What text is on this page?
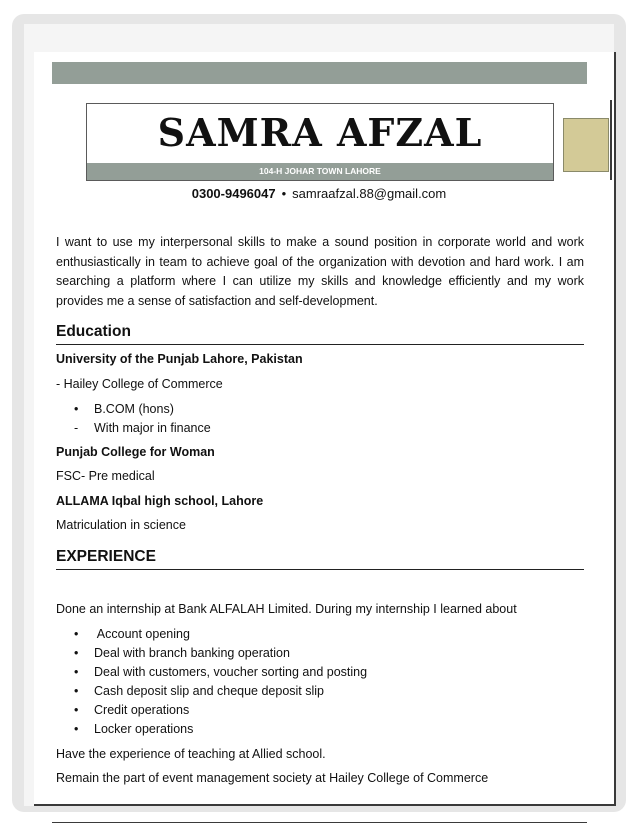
SAMRA AFZAL
104-H JOHAR TOWN LAHORE
0300-9496047 • samraafzal.88@gmail.com
I want to use my interpersonal skills to make a sound position in corporate world and work enthusiastically in team to achieve goal of the organization with devotion and hard work. I am searching a platform where I can utilize my skills and knowledge efficiently and my work provides me a sense of satisfaction and self-development.
Education
University of the Punjab Lahore, Pakistan
- Hailey College of Commerce
• B.COM (hons)
- With major in finance
Punjab College for Woman
FSC- Pre medical
ALLAMA Iqbal high school, Lahore
Matriculation in science
EXPERIENCE
Done an internship at Bank ALFALAH Limited. During my internship I learned about
• Account opening
• Deal with branch banking operation
• Deal with customers, voucher sorting and posting
• Cash deposit slip and cheque deposit slip
• Credit operations
• Locker operations
Have the experience of teaching at Allied school.
Remain the part of event management society at Hailey College of Commerce
